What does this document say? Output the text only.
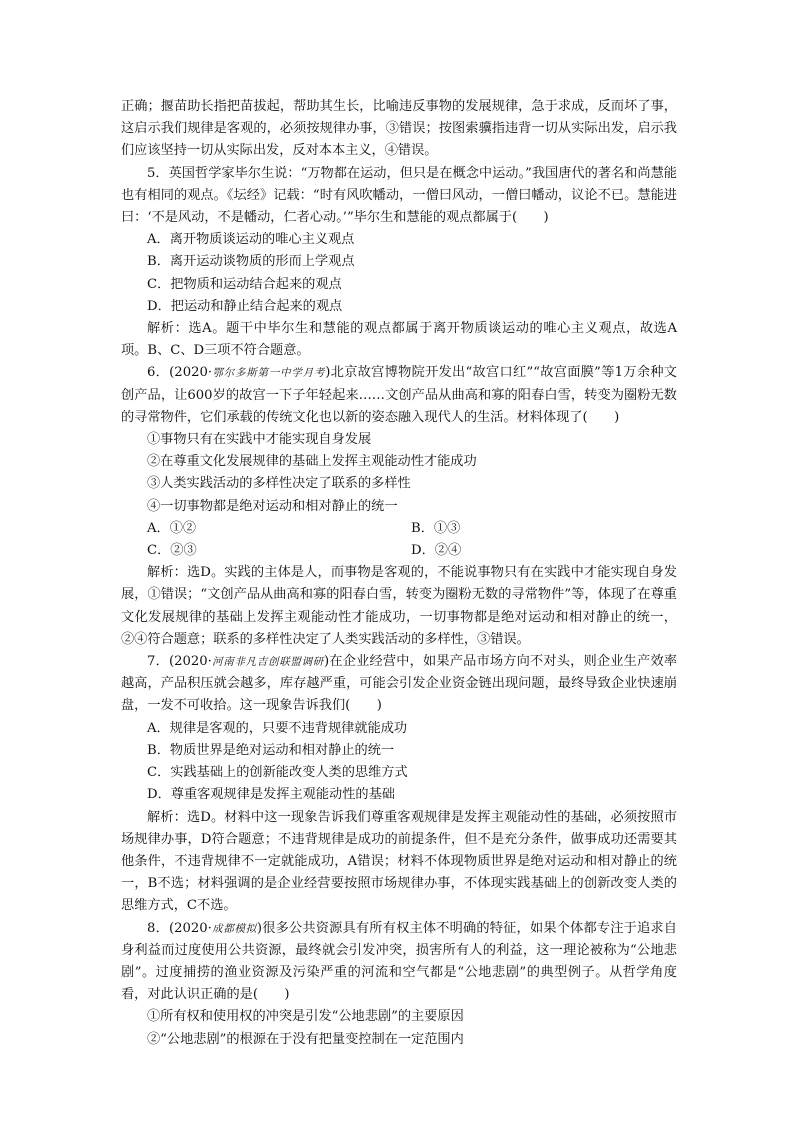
正确；揠苗助长指把苗拔起，帮助其生长，比喻违反事物的发展规律，急于求成，反而坏了事，这启示我们规律是客观的，必须按规律办事，③错误；按图索骥指违背一切从实际出发，启示我们应该坚持一切从实际出发，反对本本主义，④错误。

5．英国哲学家毕尔生说：“万物都在运动，但只是在概念中运动。”我国唐代的著名和尚慧能也有相同的观点。《坛经》记载：“时有风吹幡动，一僧曰风动，一僧曰幡动，议论不已。慧能进曰：‘不是风动，不是幡动，仁者心动。’”毕尔生和慧能的观点都属于(　　)

A．离开物质谈运动的唯心主义观点

B．离开运动谈物质的形而上学观点

C．把物质和运动结合起来的观点

D．把运动和静止结合起来的观点

解析：选A。题干中毕尔生和慧能的观点都属于离开物质谈运动的唯心主义观点，故选A项。B、C、D三项不符合题意。

6．(2020·鄂尔多斯第一中学月考)北京故宫博物院开发出“故宫口红”“故宫面膜”等1万余种文创产品，让600岁的故宫一下子年轻起来……文创产品从曲高和寡的阳春白雪，转变为圈粉无数的寻常物件，它们承载的传统文化也以新的姿态融入现代人的生活。材料体现了(　　)

①事物只有在实践中才能实现自身发展

②在尊重文化发展规律的基础上发挥主观能动性才能成功

③人类实践活动的多样性决定了联系的多样性

④一切事物都是绝对运动和相对静止的统一

A．①②	B．①③
C．②③	D．②④

解析：选D。实践的主体是人，而事物是客观的，不能说事物只有在实践中才能实现自身发展，①错误；“文创产品从曲高和寡的阳春白雪，转变为圈粉无数的寻常物件”等，体现了在尊重文化发展规律的基础上发挥主观能动性才能成功，一切事物都是绝对运动和相对静止的统一，②④符合题意；联系的多样性决定了人类实践活动的多样性，③错误。

7．(2020·河南非凡吉创联盟调研)在企业经营中，如果产品市场方向不对头，则企业生产效率越高，产品积压就会越多，库存越严重，可能会引发企业资金链出现问题，最终导致企业快速崩盘，一发不可收拾。这一现象告诉我们(　　)

A．规律是客观的，只要不违背规律就能成功

B．物质世界是绝对运动和相对静止的统一

C．实践基础上的创新能改变人类的思维方式

D．尊重客观规律是发挥主观能动性的基础

解析：选D。材料中这一现象告诉我们尊重客观规律是发挥主观能动性的基础，必须按照市场规律办事，D符合题意；不违背规律是成功的前提条件，但不是充分条件，做事成功还需要其他条件，不违背规律不一定就能成功，A错误；材料不体现物质世界是绝对运动和相对静止的统一，B不选；材料强调的是企业经营要按照市场规律办事，不体现实践基础上的创新改变人类的思维方式，C不选。

8．(2020·成都模拟)很多公共资源具有所有权主体不明确的特征，如果个体都专注于追求自身利益而过度使用公共资源，最终就会引发冲突，损害所有人的利益，这一理论被称为“公地悲剧”。过度捕捞的渔业资源及污染严重的河流和空气都是“公地悲剧”的典型例子。从哲学角度看，对此认识正确的是(　　)

①所有权和使用权的冲突是引发“公地悲剧”的主要原因

②“公地悲剧”的根源在于没有把量变控制在一定范围内
